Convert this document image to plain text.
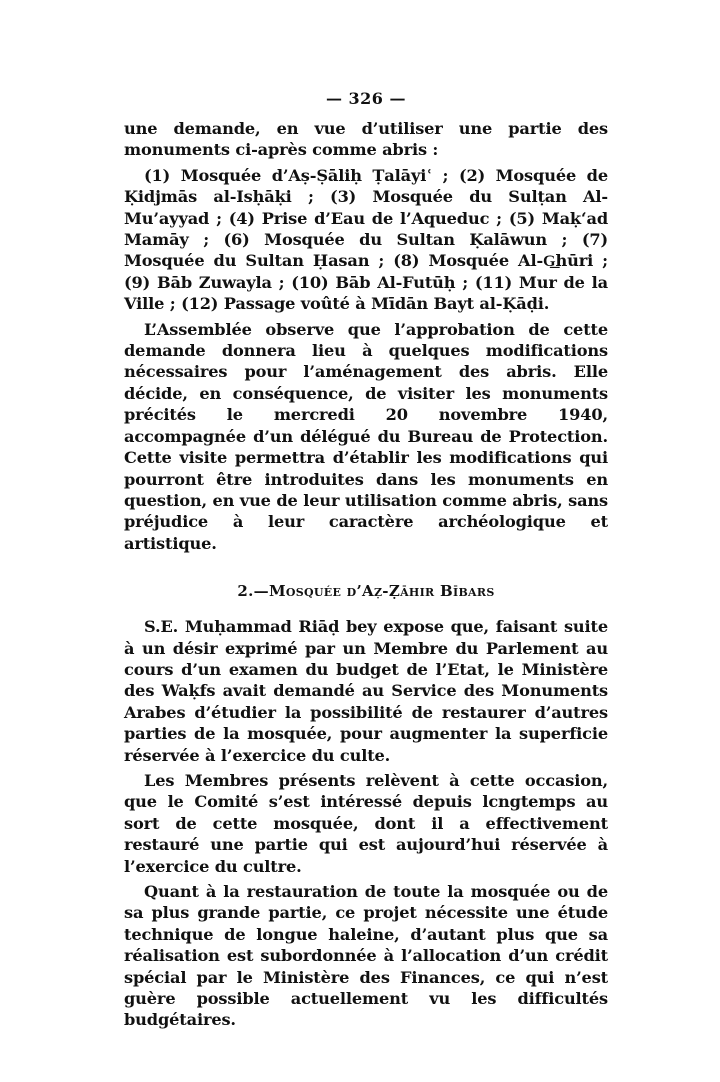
— 326 —

une demande, en vue d’utiliser une partie des monuments ci-après comme abris :

(1) Mosquée d’Aṣ-Ṣāliḥ Ṭalāyiʿ ; (2) Mosquée de Ḳidjmās al-Isḥāḳi ; (3) Mosquée du Sulṭan Al-Mu’ayyad ; (4) Prise d’Eau de l’Aqueduc ; (5) Maḳ‘ad Mamāy ; (6) Mosquée du Sultan Ḳalāwun ; (7) Mosquée du Sultan Ḥasan ; (8) Mosquée Al-G͟hūri ; (9) Bāb Zuwayla ; (10) Bāb Al-Futūḥ ; (11) Mur de la Ville ; (12) Passage voûté à Mīdān Bayt al-Ḳāḍi.

L’Assemblée observe que l’approbation de cette demande donnera lieu à quelques modifications nécessaires pour l’aménagement des abris. Elle décide, en conséquence, de visiter les monuments précités le mercredi 20 novembre 1940, accompagnée d’un délégué du Bureau de Protection. Cette visite permettra d’établir les modifications qui pourront être introduites dans les monuments en question, en vue de leur utilisation comme abris, sans préjudice à leur caractère archéologique et artistique.

2.—Mosquée d’Aẓ-Ẓāhir Bībars

S.E. Muḥammad Riāḍ bey expose que, faisant suite à un désir exprimé par un Membre du Parlement au cours d’un examen du budget de l’Etat, le Ministère des Waḳfs avait demandé au Service des Monuments Arabes d’étudier la possibilité de restaurer d’autres parties de la mosquée, pour augmenter la superficie réservée à l’exercice du culte.

Les Membres présents relèvent à cette occasion, que le Comité s’est intéressé depuis lcngtemps au sort de cette mosquée, dont il a effectivement restauré une partie qui est aujourd’hui réservée à l’exercice du cultre.

Quant à la restauration de toute la mosquée ou de sa plus grande partie, ce projet nécessite une étude technique de longue haleine, d’autant plus que sa réalisation est subordonnée à l’allocation d’un crédit spécial par le Ministère des Finances, ce qui n’est guère possible actuellement vu les difficultés budgétaires.
